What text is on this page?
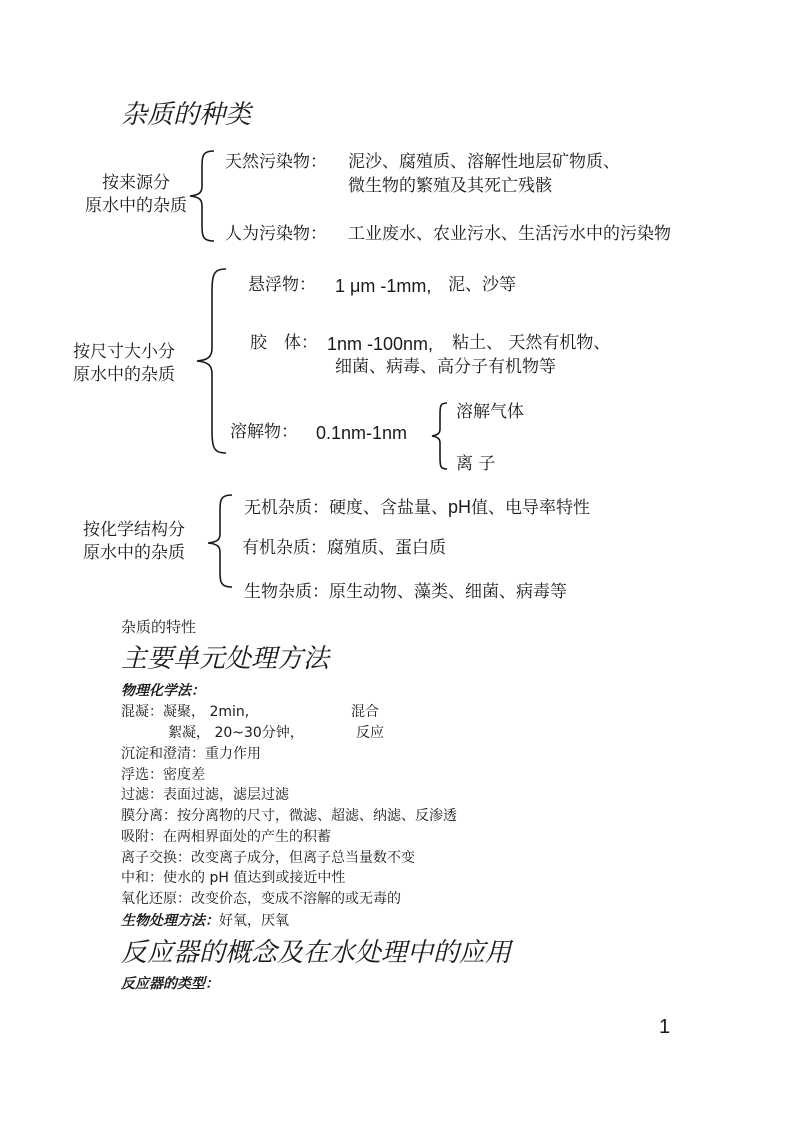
杂质的种类
按来源分
原水中的杂质
天然污染物： 泥沙、腐殖质、溶解性地层矿物质、
微生物的繁殖及其死亡残骸
人为污染物： 工业废水、农业污水、生活污水中的污染物
按尺寸大小分
原水中的杂质
悬浮物： 1 μm -1mm, 泥、沙等
胶　体： 1nm -100nm, 粘土、 天然有机物、
细菌、病毒、高分子有机物等
溶解物： 0.1nm-1nm
溶解气体
离 子
按化学结构分
原水中的杂质
无机杂质：硬度、含盐量、pH值、电导率特性
有机杂质：腐殖质、蛋白质
生物杂质：原生动物、藻类、细菌、病毒等
杂质的特性
主要单元处理方法
物理化学法：
混凝：凝聚， 2min,	混合
絮凝， 20~30分钟，	反应
沉淀和澄清：重力作用
浮选：密度差
过滤：表面过滤，滤层过滤
膜分离：按分离物的尺寸，微滤、超滤、纳滤、反渗透
吸附：在两相界面处的产生的积蓄
离子交换：改变离子成分，但离子总当量数不变
中和：使水的 pH 值达到或接近中性
氧化还原：改变价态，变成不溶解的或无毒的
生物处理方法：好氧，厌氧
反应器的概念及在水处理中的应用
反应器的类型：
1
